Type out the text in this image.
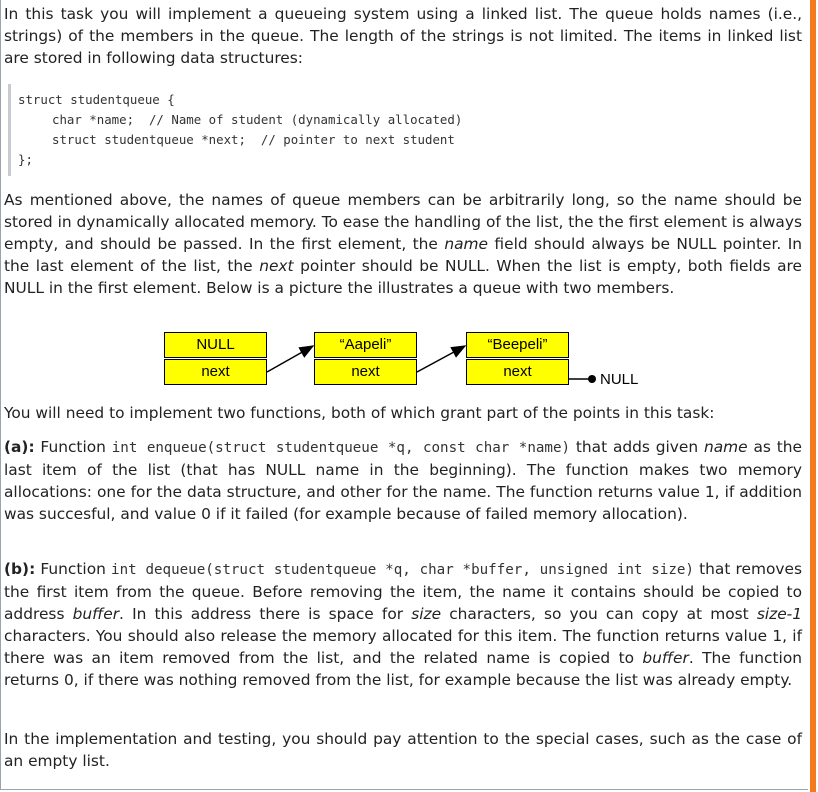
In this task you will implement a queueing system using a linked list. The queue holds names (i.e., strings) of the members in the queue. The length of the strings is not limited. The items in linked list are stored in following data structures:

struct studentqueue {
char *name;  // Name of student (dynamically allocated)
struct studentqueue *next;  // pointer to next student
};

As mentioned above, the names of queue members can be arbitrarily long, so the name should be stored in dynamically allocated memory. To ease the handling of the list, the the first element is always empty, and should be passed. In the first element, the name field should always be NULL pointer. In the last element of the list, the next pointer should be NULL. When the list is empty, both fields are NULL in the first element. Below is a picture the illustrates a queue with two members.

NULL
next
“Aapeli”
next
“Beepeli”
next	NULL

You will need to implement two functions, both of which grant part of the points in this task:

(a): Function int enqueue(struct studentqueue *q, const char *name) that adds given name as the last item of the list (that has NULL name in the beginning). The function makes two memory allocations: one for the data structure, and other for the name. The function returns value 1, if addition was succesful, and value 0 if it failed (for example because of failed memory allocation).

(b): Function int dequeue(struct studentqueue *q, char *buffer, unsigned int size) that removes the first item from the queue. Before removing the item, the name it contains should be copied to address buffer. In this address there is space for size characters, so you can copy at most size-1 characters. You should also release the memory allocated for this item. The function returns value 1, if there was an item removed from the list, and the related name is copied to buffer. The function returns 0, if there was nothing removed from the list, for example because the list was already empty.

In the implementation and testing, you should pay attention to the special cases, such as the case of an empty list.
